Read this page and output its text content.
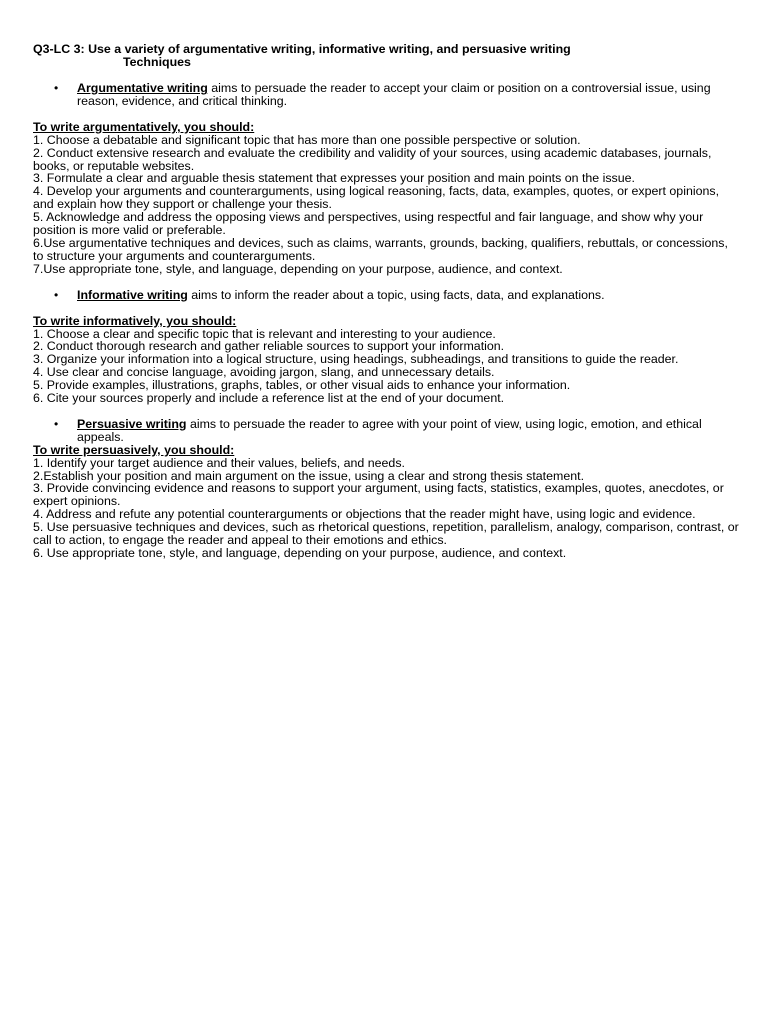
Q3-LC 3: Use a variety of argumentative writing, informative writing, and persuasive writing
Techniques

• Argumentative writing aims to persuade the reader to accept your claim or position on a controversial issue, using reason, evidence, and critical thinking.

To write argumentatively, you should:

1. Choose a debatable and significant topic that has more than one possible perspective or solution.
2. Conduct extensive research and evaluate the credibility and validity of your sources, using academic databases, journals, books, or reputable websites.
3. Formulate a clear and arguable thesis statement that expresses your position and main points on the issue.
4. Develop your arguments and counterarguments, using logical reasoning, facts, data, examples, quotes, or expert opinions, and explain how they support or challenge your thesis.
5. Acknowledge and address the opposing views and perspectives, using respectful and fair language, and show why your position is more valid or preferable.
6.Use argumentative techniques and devices, such as claims, warrants, grounds, backing, qualifiers, rebuttals, or concessions, to structure your arguments and counterarguments.
7.Use appropriate tone, style, and language, depending on your purpose, audience, and context.

• Informative writing aims to inform the reader about a topic, using facts, data, and explanations.

To write informatively, you should:

1. Choose a clear and specific topic that is relevant and interesting to your audience.
2. Conduct thorough research and gather reliable sources to support your information.
3. Organize your information into a logical structure, using headings, subheadings, and transitions to guide the reader.
4. Use clear and concise language, avoiding jargon, slang, and unnecessary details.
5. Provide examples, illustrations, graphs, tables, or other visual aids to enhance your information.
6. Cite your sources properly and include a reference list at the end of your document.

• Persuasive writing aims to persuade the reader to agree with your point of view, using logic, emotion, and ethical appeals.

To write persuasively, you should:

1. Identify your target audience and their values, beliefs, and needs.
2.Establish your position and main argument on the issue, using a clear and strong thesis statement.
3. Provide convincing evidence and reasons to support your argument, using facts, statistics, examples, quotes, anecdotes, or expert opinions.
4. Address and refute any potential counterarguments or objections that the reader might have, using logic and evidence.
5. Use persuasive techniques and devices, such as rhetorical questions, repetition, parallelism, analogy, comparison, contrast, or call to action, to engage the reader and appeal to their emotions and ethics.
6. Use appropriate tone, style, and language, depending on your purpose, audience, and context.
